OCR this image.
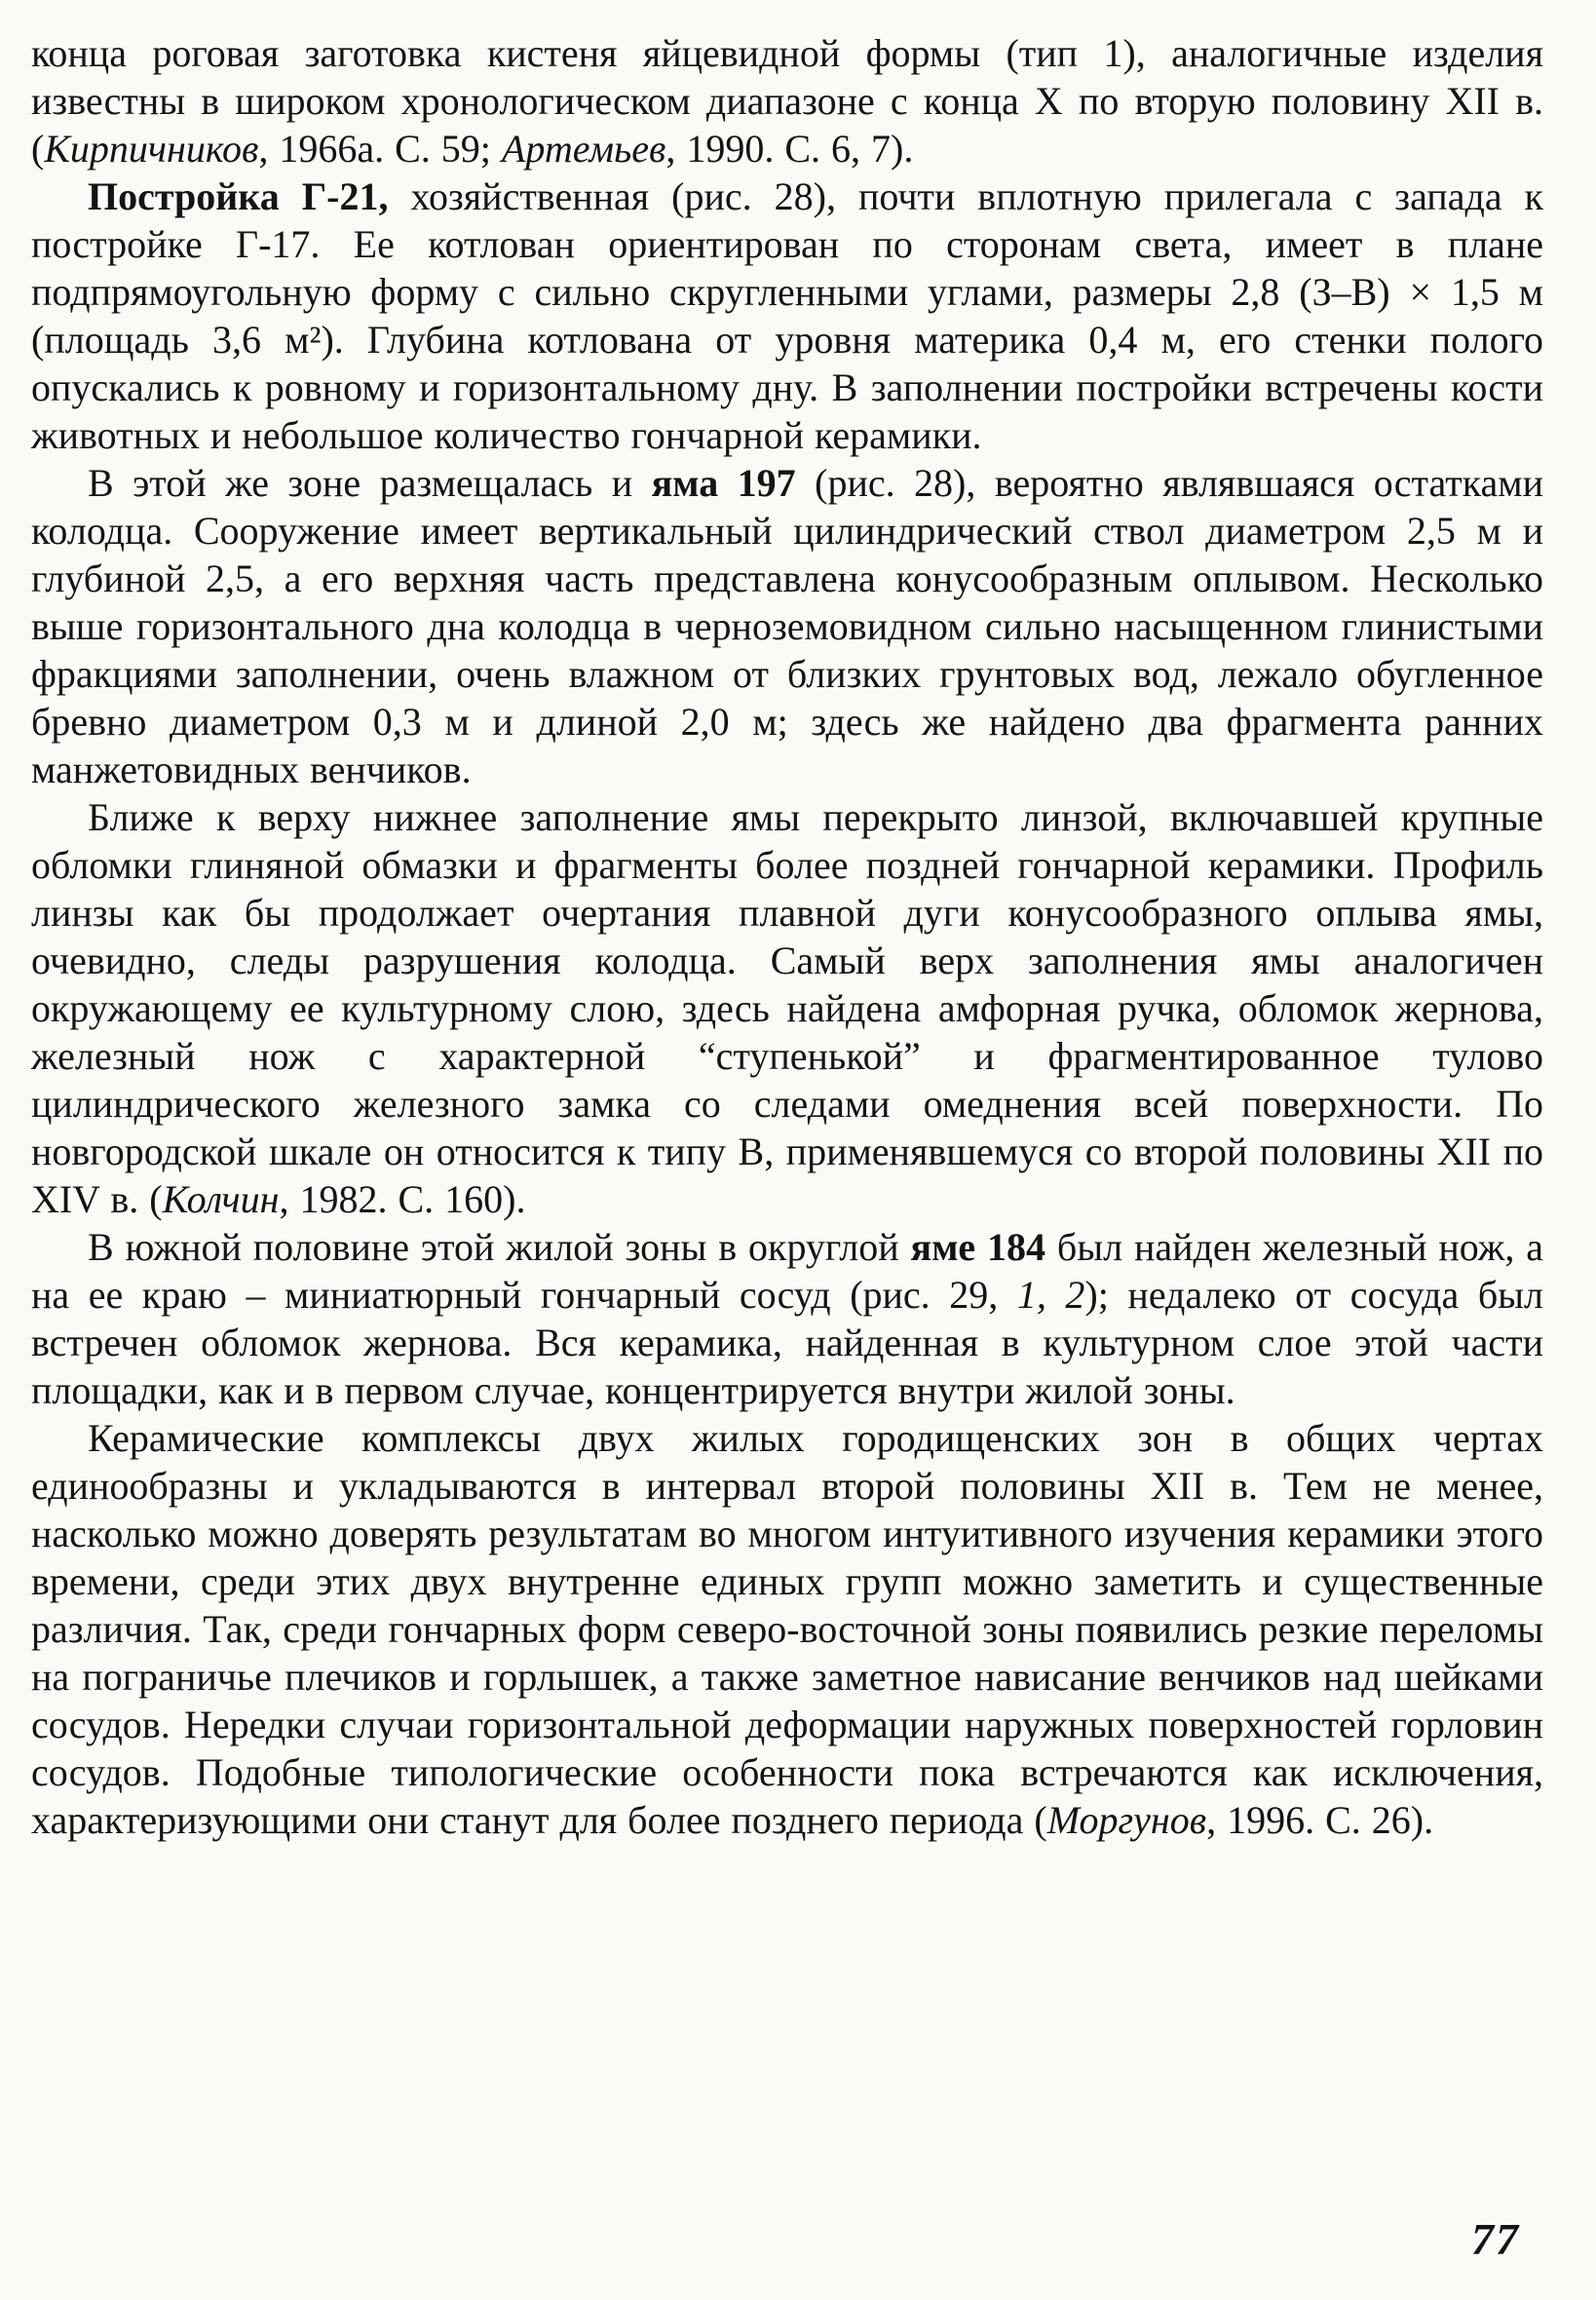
конца роговая заготовка кистеня яйцевидной формы (тип 1), аналогичные изделия известны в широком хронологическом диапазоне с конца X по вторую половину XII в. (Кирпичников, 1966а. С. 59; Артемьев, 1990. С. 6, 7).

Постройка Г-21, хозяйственная (рис. 28), почти вплотную прилегала с запада к постройке Г-17. Ее котлован ориентирован по сторонам света, имеет в плане подпрямоугольную форму с сильно скругленными углами, размеры 2,8 (З–В) × 1,5 м (площадь 3,6 м²). Глубина котлована от уровня материка 0,4 м, его стенки полого опускались к ровному и горизонтальному дну. В заполнении постройки встречены кости животных и небольшое количество гончарной керамики.

В этой же зоне размещалась и яма 197 (рис. 28), вероятно являвшаяся остатками колодца. Сооружение имеет вертикальный цилиндрический ствол диаметром 2,5 м и глубиной 2,5, а его верхняя часть представлена конусообразным оплывом. Несколько выше горизонтального дна колодца в черноземовидном сильно насыщенном глинистыми фракциями заполнении, очень влажном от близких грунтовых вод, лежало обугленное бревно диаметром 0,3 м и длиной 2,0 м; здесь же найдено два фрагмента ранних манжетовидных венчиков.

Ближе к верху нижнее заполнение ямы перекрыто линзой, включавшей крупные обломки глиняной обмазки и фрагменты более поздней гончарной керамики. Профиль линзы как бы продолжает очертания плавной дуги конусообразного оплыва ямы, очевидно, следы разрушения колодца. Самый верх заполнения ямы аналогичен окружающему ее культурному слою, здесь найдена амфорная ручка, обломок жернова, железный нож с характерной “ступенькой” и фрагментированное тулово цилиндрического железного замка со следами омеднения всей поверхности. По новгородской шкале он относится к типу В, применявшемуся со второй половины XII по XIV в. (Колчин, 1982. С. 160).

В южной половине этой жилой зоны в округлой яме 184 был найден железный нож, а на ее краю – миниатюрный гончарный сосуд (рис. 29, 1, 2); недалеко от сосуда был встречен обломок жернова. Вся керамика, найденная в культурном слое этой части площадки, как и в первом случае, концентрируется внутри жилой зоны.

Керамические комплексы двух жилых городищенских зон в общих чертах единообразны и укладываются в интервал второй половины XII в. Тем не менее, насколько можно доверять результатам во многом интуитивного изучения керамики этого времени, среди этих двух внутренне единых групп можно заметить и существенные различия. Так, среди гончарных форм северо-восточной зоны появились резкие переломы на пограничье плечиков и горлышек, а также заметное нависание венчиков над шейками сосудов. Нередки случаи горизонтальной деформации наружных поверхностей горловин сосудов. Подобные типологические особенности пока встречаются как исключения, характеризующими они станут для более позднего периода (Моргунов, 1996. С. 26).

77
